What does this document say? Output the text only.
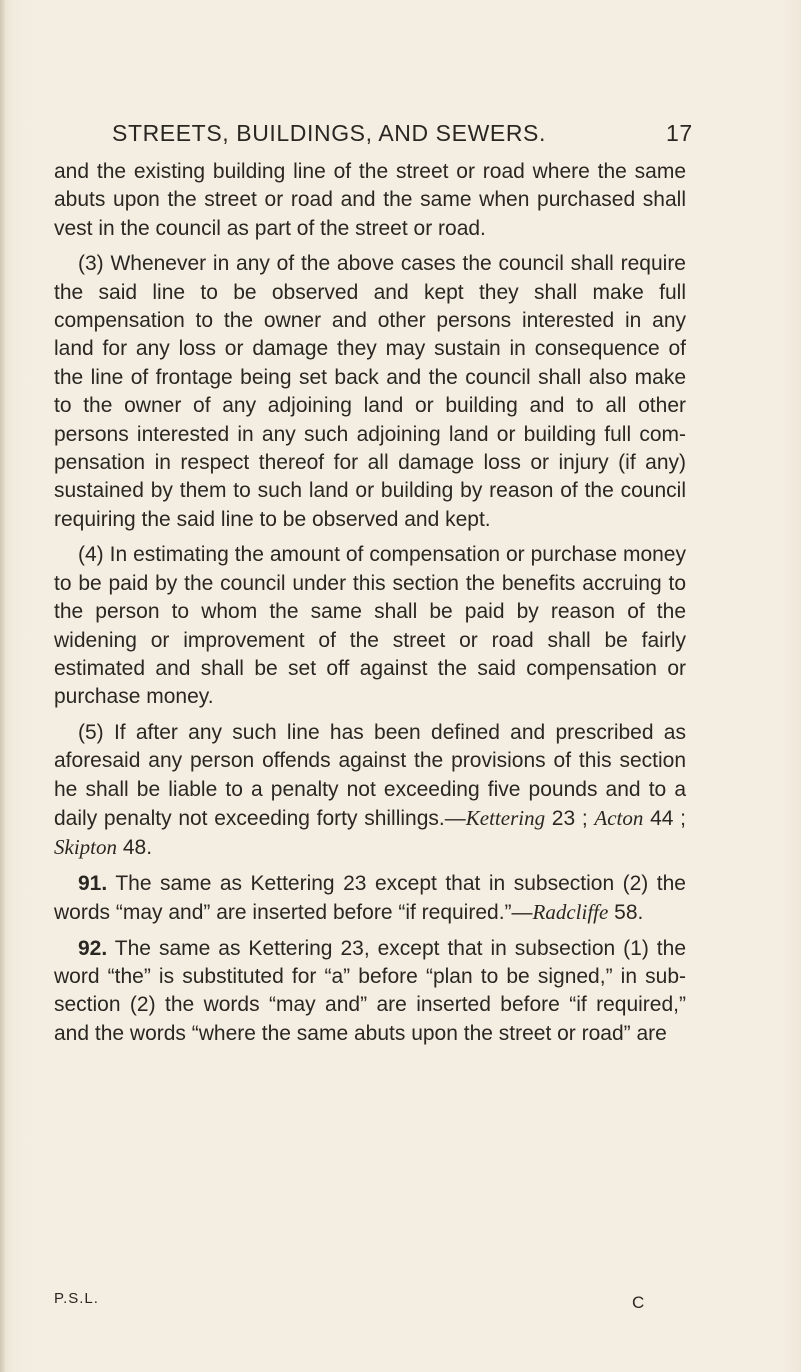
STREETS, BUILDINGS, AND SEWERS.	17

and the existing building line of the street or road where the same abuts upon the street or road and the same when purchased shall vest in the council as part of the street or road.

(3) Whenever in any of the above cases the council shall require the said line to be observed and kept they shall make full compensation to the owner and other persons interested in any land for any loss or damage they may sustain in consequence of the line of frontage being set back and the council shall also make to the owner of any adjoining land or building and to all other persons interested in any such adjoining land or building full compensation in respect thereof for all damage loss or injury (if any) sustained by them to such land or building by reason of the council requiring the said line to be observed and kept.

(4) In estimating the amount of compensation or purchase money to be paid by the council under this section the benefits accruing to the person to whom the same shall be paid by reason of the widening or improvement of the street or road shall be fairly estimated and shall be set off against the said compensation or purchase money.

(5) If after any such line has been defined and prescribed as aforesaid any person offends against the provisions of this section he shall be liable to a penalty not exceeding five pounds and to a daily penalty not exceeding forty shillings.—Kettering 23 ; Acton 44 ; Skipton 48.

91. The same as Kettering 23 except that in subsection (2) the words “may and” are inserted before “if required.”—Radcliffe 58.

92. The same as Kettering 23, except that in subsection (1) the word “the” is substituted for “a” before “plan to be signed,” in sub-section (2) the words “may and” are inserted before “if required,” and the words “where the same abuts upon the street or road” are

P.S.L.	C
